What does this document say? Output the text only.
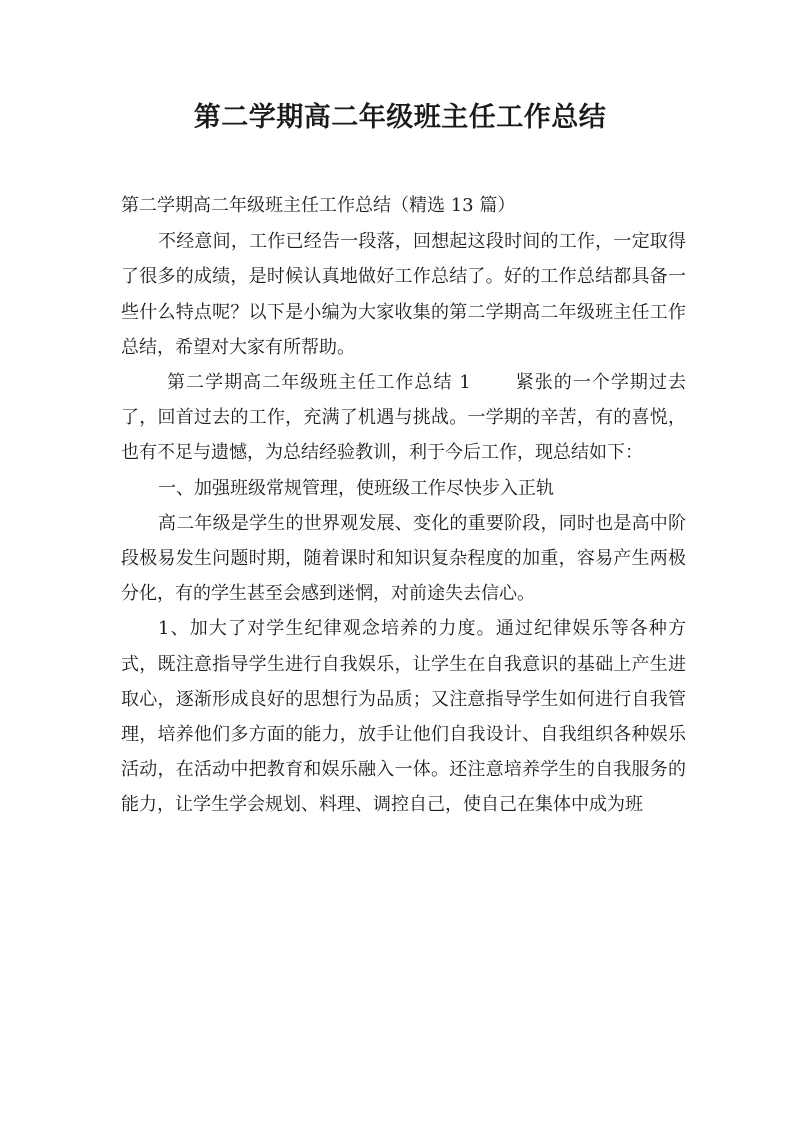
第二学期高二年级班主任工作总结

第二学期高二年级班主任工作总结（精选 13 篇）

不经意间，工作已经告一段落，回想起这段时间的工作，一定取得了很多的成绩，是时候认真地做好工作总结了。好的工作总结都具备一些什么特点呢？以下是小编为大家收集的第二学期高二年级班主任工作总结，希望对大家有所帮助。

第二学期高二年级班主任工作总结 1 紧张的一个学期过去了，回首过去的工作，充满了机遇与挑战。一学期的辛苦，有的喜悦，也有不足与遗憾，为总结经验教训，利于今后工作，现总结如下：

一、加强班级常规管理，使班级工作尽快步入正轨

高二年级是学生的世界观发展、变化的重要阶段，同时也是高中阶段极易发生问题时期，随着课时和知识复杂程度的加重，容易产生两极分化，有的学生甚至会感到迷惘，对前途失去信心。

1、加大了对学生纪律观念培养的力度。通过纪律娱乐等各种方式，既注意指导学生进行自我娱乐，让学生在自我意识的基础上产生进取心，逐渐形成良好的思想行为品质；又注意指导学生如何进行自我管理，培养他们多方面的能力，放手让他们自我设计、自我组织各种娱乐活动，在活动中把教育和娱乐融入一体。还注意培养学生的自我服务的能力，让学生学会规划、料理、调控自己，使自己在集体中成为班
